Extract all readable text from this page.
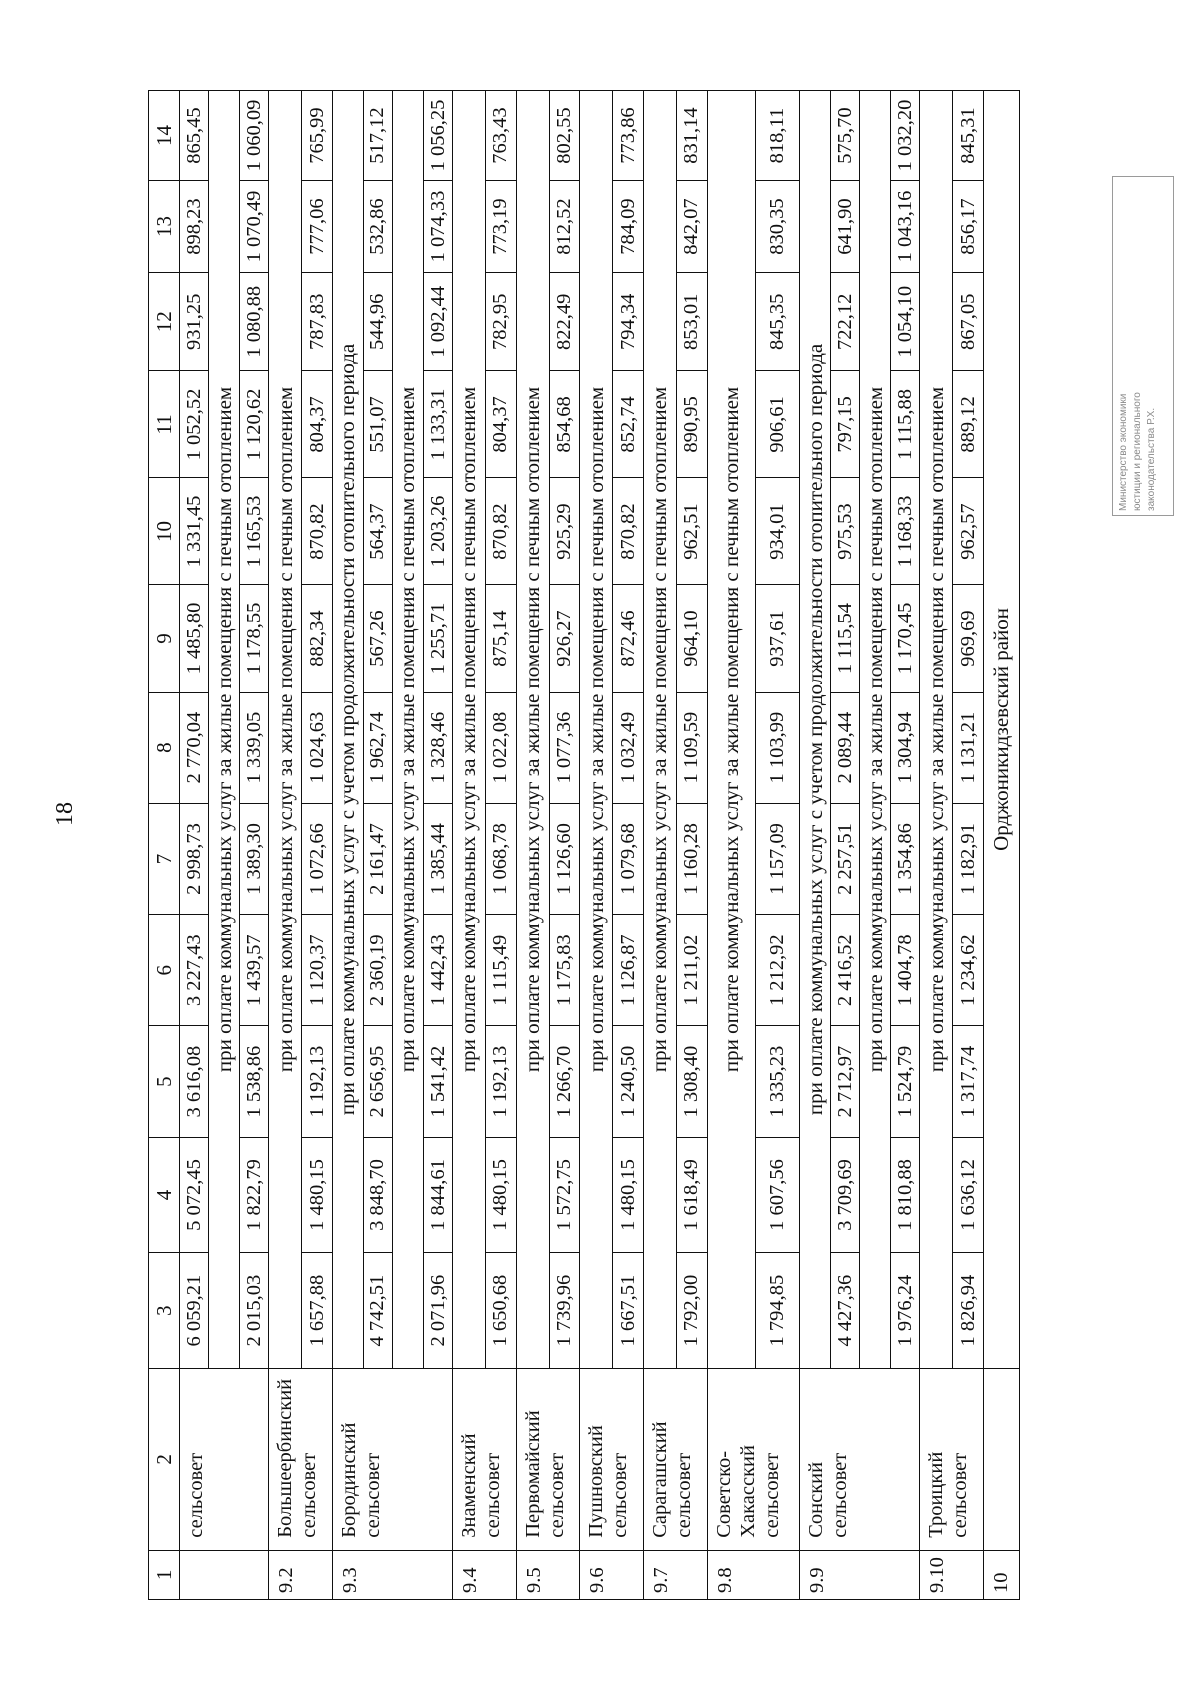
18
Министерство экономики юстиции и регионального законодательства Р.Х.
1	2	3	4	5	6	7	8	9	10	11	12	13	14

	сельсовет	6 059,21	5 072,45	3 616,08	3 227,43	2 998,73	2 770,04	1 485,80	1 331,45	1 052,52	931,25	898,23	865,45
		при оплате коммунальных услуг за жилые помещения с печным отоплением											
		2 015,03	1 822,79	1 538,86	1 439,57	1 389,30	1 339,05	1 178,55	1 165,53	1 120,62	1 080,88	1 070,49	1 060,09
9.2	Большеербинский сельсовет	при оплате коммунальных услуг за жилые помещения с печным отоплением											
		1 657,88	1 480,15	1 192,13	1 120,37	1 072,66	1 024,63	882,34	870,82	804,37	787,83	777,06	765,99
9.3	Бородинский сельсовет	при оплате коммунальных услуг с учетом продолжительности отопительного периода											
		4 742,51	3 848,70	2 656,95	2 360,19	2 161,47	1 962,74	567,26	564,37	551,07	544,96	532,86	517,12
		при оплате коммунальных услуг за жилые помещения с печным отоплением											
		2 071,96	1 844,61	1 541,42	1 442,43	1 385,44	1 328,46	1 255,71	1 203,26	1 133,31	1 092,44	1 074,33	1 056,25
9.4	Знаменский сельсовет	при оплате коммунальных услуг за жилые помещения с печным отоплением											
		1 650,68	1 480,15	1 192,13	1 115,49	1 068,78	1 022,08	875,14	870,82	804,37	782,95	773,19	763,43
9.5	Первомайский сельсовет	при оплате коммунальных услуг за жилые помещения с печным отоплением											
		1 739,96	1 572,75	1 266,70	1 175,83	1 126,60	1 077,36	926,27	925,29	854,68	822,49	812,52	802,55
9.6	Пушновский сельсовет	при оплате коммунальных услуг за жилые помещения с печным отоплением											
		1 667,51	1 480,15	1 240,50	1 126,87	1 079,68	1 032,49	872,46	870,82	852,74	794,34	784,09	773,86
9.7	Сарагашский сельсовет	при оплате коммунальных услуг за жилые помещения с печным отоплением											
		1 792,00	1 618,49	1 308,40	1 211,02	1 160,28	1 109,59	964,10	962,51	890,95	853,01	842,07	831,14
9.8	Советско-Хакасский сельсовет	при оплате коммунальных услуг за жилые помещения с печным отоплением											
		1 794,85	1 607,56	1 335,23	1 212,92	1 157,09	1 103,99	937,61	934,01	906,61	845,35	830,35	818,11
9.9	Сонский сельсовет	при оплате коммунальных услуг с учетом продолжительности отопительного периода											
		4 427,36	3 709,69	2 712,97	2 416,52	2 257,51	2 089,44	1 115,54	975,53	797,15	722,12	641,90	575,70
		при оплате коммунальных услуг за жилые помещения с печным отоплением											
		1 976,24	1 810,88	1 524,79	1 404,78	1 354,86	1 304,94	1 170,45	1 168,33	1 115,88	1 054,10	1 043,16	1 032,20
9.10	Троицкий сельсовет	при оплате коммунальных услуг за жилые помещения с печным отоплением											
		1 826,94	1 636,12	1 317,74	1 234,62	1 182,91	1 131,21	969,69	962,57	889,12	867,05	856,17	845,31
10		Орджоникидзевский район											
